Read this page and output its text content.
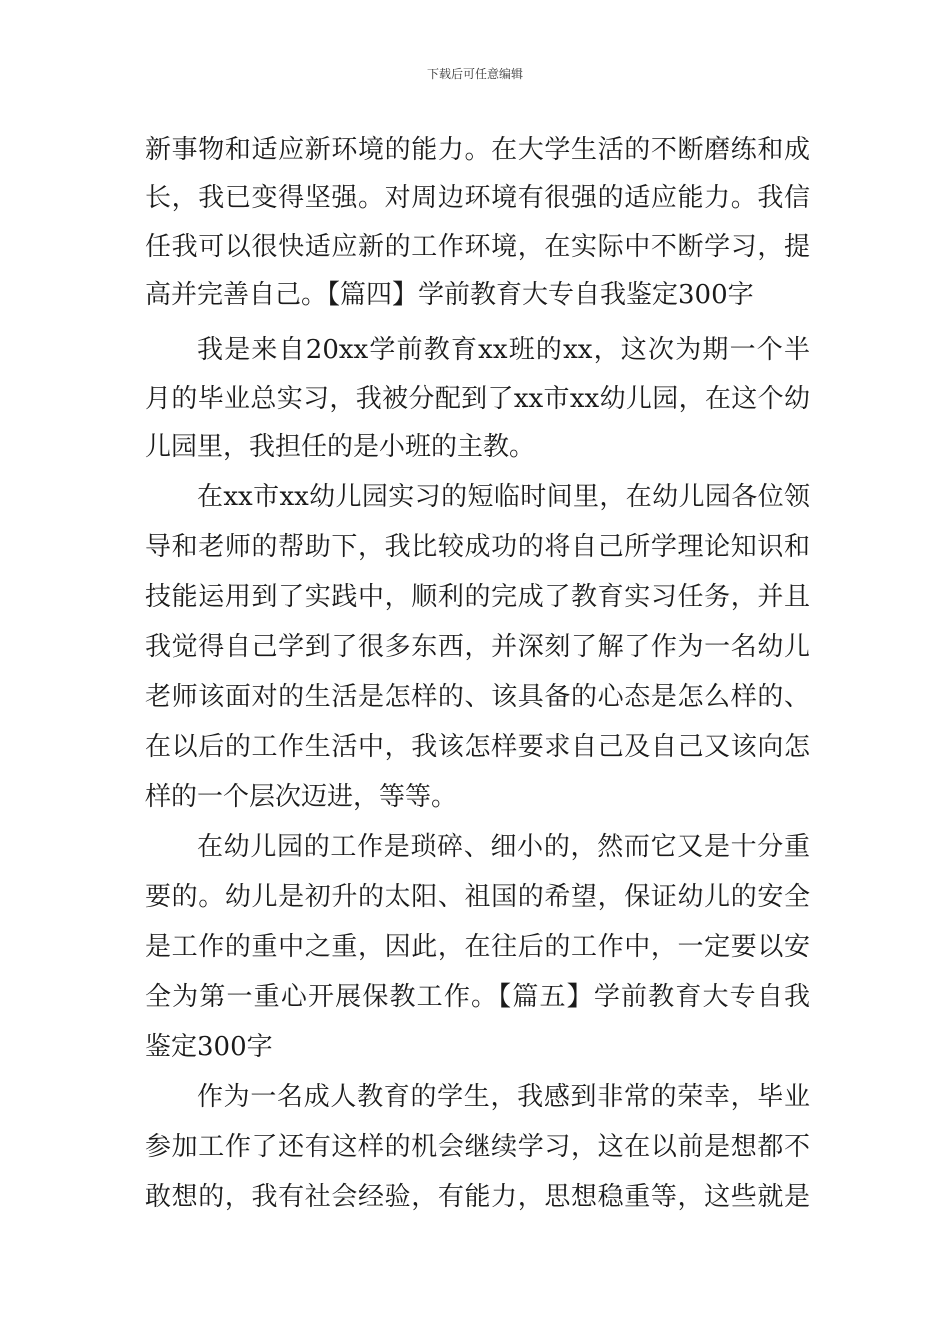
下载后可任意编辑
新事物和适应新环境的能力。在大学生活的不断磨练和成
长，我已变得坚强。对周边环境有很强的适应能力。我信
任我可以很快适应新的工作环境，在实际中不断学习，提
高并完善自己。【篇四】学前教育大专自我鉴定300字
我是来自20xx学前教育xx班的xx，这次为期一个半
月的毕业总实习，我被分配到了xx市xx幼儿园，在这个幼
儿园里，我担任的是小班的主教。
在xx市xx幼儿园实习的短临时间里，在幼儿园各位领
导和老师的帮助下，我比较成功的将自己所学理论知识和
技能运用到了实践中，顺利的完成了教育实习任务，并且
我觉得自己学到了很多东西，并深刻了解了作为一名幼儿
老师该面对的生活是怎样的、该具备的心态是怎么样的、
在以后的工作生活中，我该怎样要求自己及自己又该向怎
样的一个层次迈进，等等。
在幼儿园的工作是琐碎、细小的，然而它又是十分重
要的。幼儿是初升的太阳、祖国的希望，保证幼儿的安全
是工作的重中之重，因此，在往后的工作中，一定要以安
全为第一重心开展保教工作。【篇五】学前教育大专自我
鉴定300字
作为一名成人教育的学生，我感到非常的荣幸，毕业
参加工作了还有这样的机会继续学习，这在以前是想都不
敢想的，我有社会经验，有能力，思想稳重等，这些就是
